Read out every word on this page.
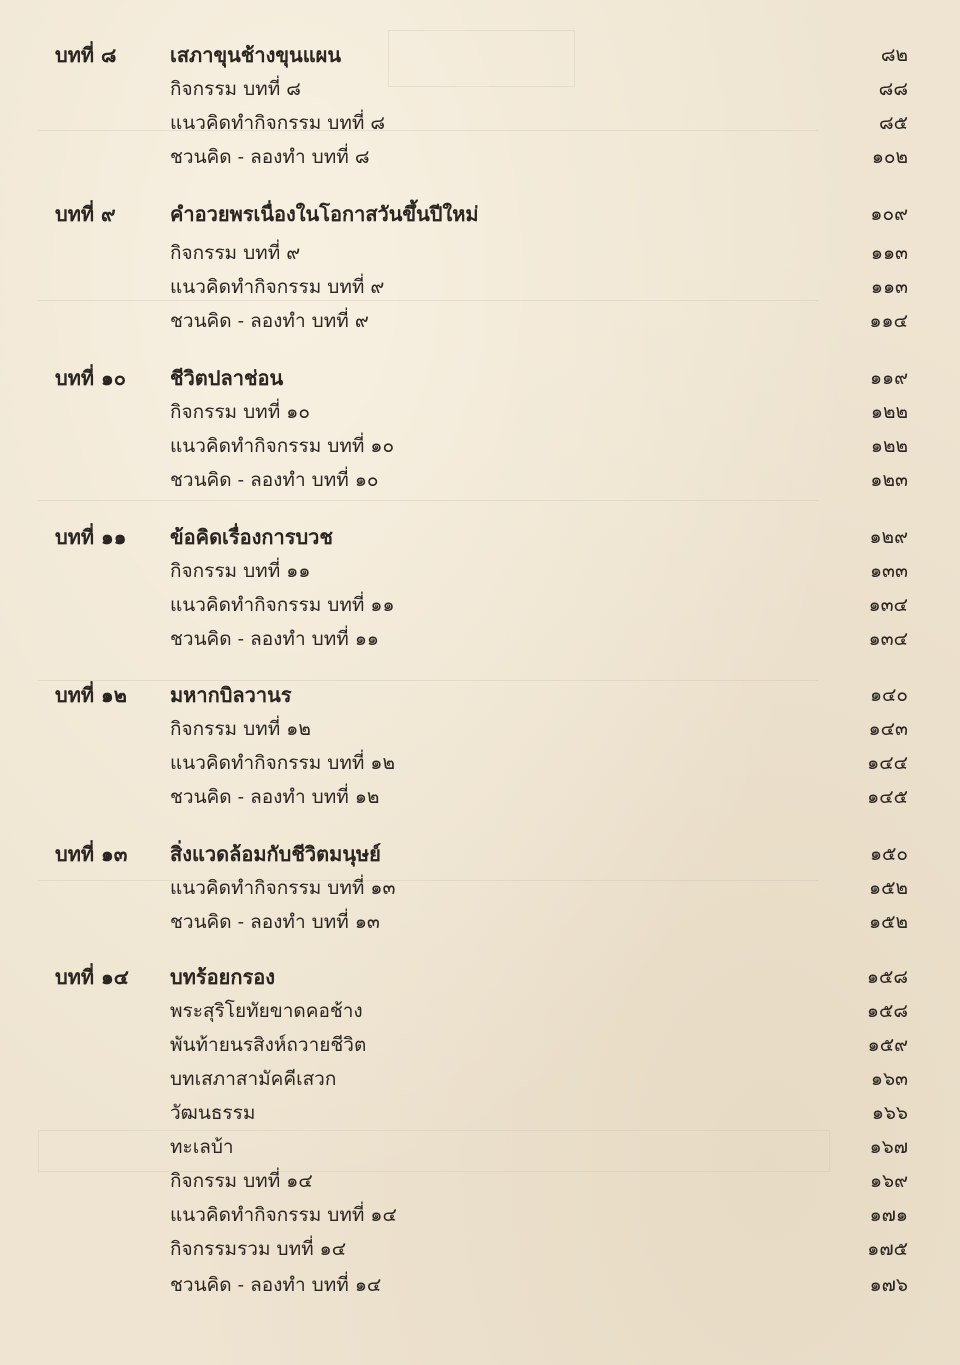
บทที่ ๘	เสภาขุนช้างขุนแผน	๘๒
กิจกรรม บทที่ ๘	๘๘
แนวคิดทำกิจกรรม บทที่ ๘	๘๕
ชวนคิด - ลองทำ บทที่ ๘	๑๐๒
บทที่ ๙	คำอวยพรเนื่องในโอกาสวันขึ้นปีใหม่	๑๐๙
กิจกรรม บทที่ ๙	๑๑๓
แนวคิดทำกิจกรรม บทที่ ๙	๑๑๓
ชวนคิด - ลองทำ บทที่ ๙	๑๑๔
บทที่ ๑๐ ชีวิตปลาช่อน	๑๑๙
กิจกรรม บทที่ ๑๐	๑๒๒
แนวคิดทำกิจกรรม บทที่ ๑๐	๑๒๒
ชวนคิด - ลองทำ บทที่ ๑๐	๑๒๓
บทที่ ๑๑ ข้อคิดเรื่องการบวช	๑๒๙
กิจกรรม บทที่ ๑๑	๑๓๓
แนวคิดทำกิจกรรม บทที่ ๑๑	๑๓๔
ชวนคิด - ลองทำ บทที่ ๑๑	๑๓๔
บทที่ ๑๒ มหากบิลวานร	๑๔๐
กิจกรรม บทที่ ๑๒	๑๔๓
แนวคิดทำกิจกรรม บทที่ ๑๒	๑๔๔
ชวนคิด - ลองทำ บทที่ ๑๒	๑๔๕
บทที่ ๑๓ สิ่งแวดล้อมกับชีวิตมนุษย์	๑๕๐
แนวคิดทำกิจกรรม บทที่ ๑๓	๑๕๒
ชวนคิด - ลองทำ บทที่ ๑๓	๑๕๒
บทที่ ๑๔ บทร้อยกรอง	๑๕๘
พระสุริโยทัยขาดคอช้าง	๑๕๘
พันท้ายนรสิงห์ถวายชีวิต	๑๕๙
บทเสภาสามัคคีเสวก	๑๖๓
วัฒนธรรม	๑๖๖
ทะเลบ้า	๑๖๗
กิจกรรม บทที่ ๑๔	๑๖๙
แนวคิดทำกิจกรรม บทที่ ๑๔	๑๗๑
กิจกรรมรวม บทที่ ๑๔	๑๗๕
ชวนคิด - ลองทำ บทที่ ๑๔	๑๗๖
